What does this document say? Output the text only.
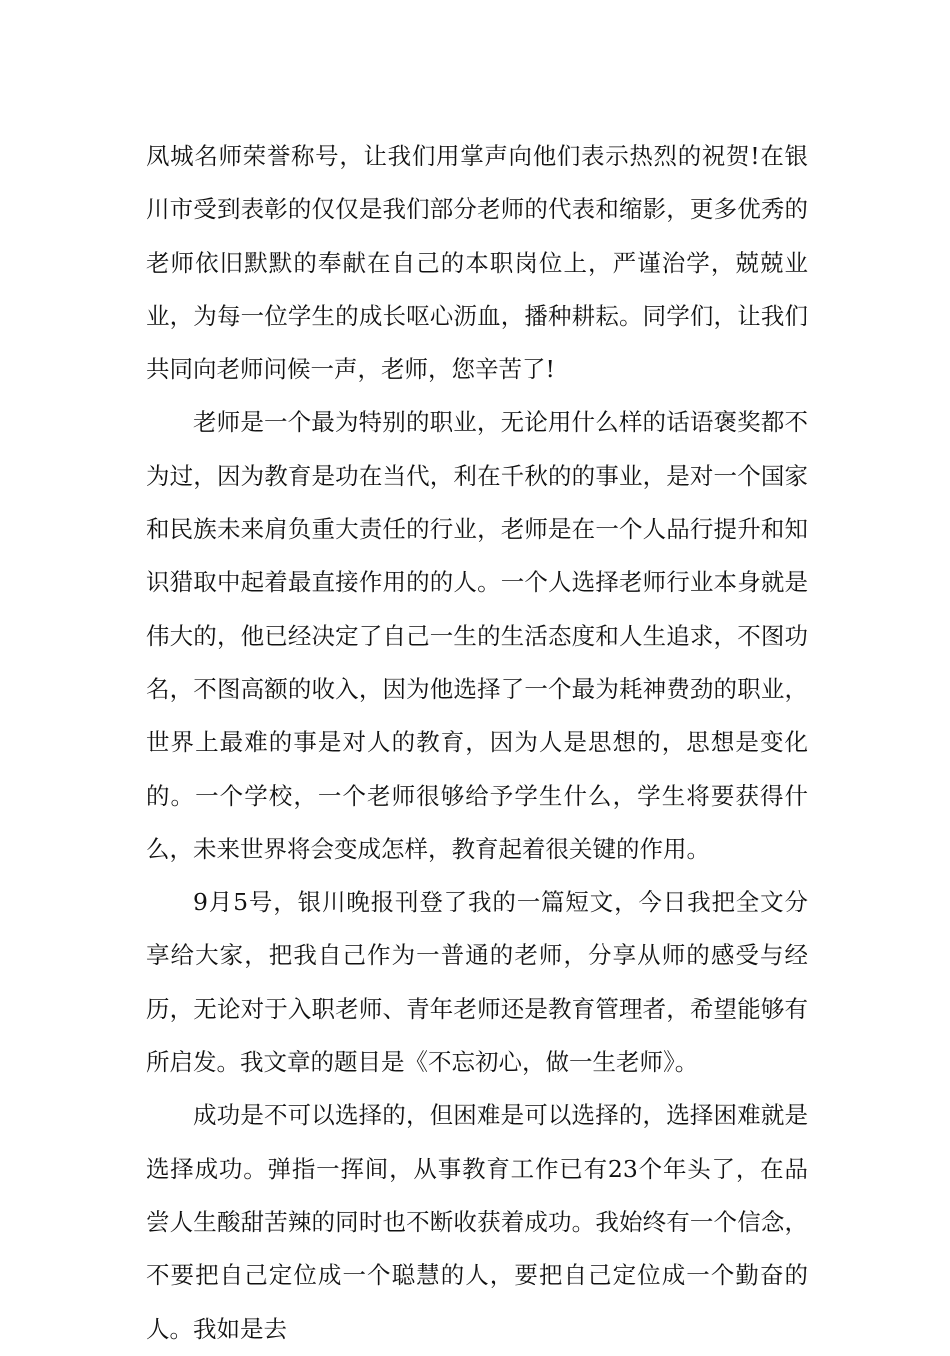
凤城名师荣誉称号，让我们用掌声向他们表示热烈的祝贺!在银川市受到表彰的仅仅是我们部分老师的代表和缩影，更多优秀的老师依旧默默的奉献在自己的本职岗位上，严谨治学，兢兢业业，为每一位学生的成长呕心沥血，播种耕耘。同学们，让我们共同向老师问候一声，老师，您辛苦了!

老师是一个最为特别的职业，无论用什么样的话语褒奖都不为过，因为教育是功在当代，利在千秋的的事业，是对一个国家和民族未来肩负重大责任的行业，老师是在一个人品行提升和知识猎取中起着最直接作用的的人。一个人选择老师行业本身就是伟大的，他已经决定了自己一生的生活态度和人生追求，不图功名，不图高额的收入，因为他选择了一个最为耗神费劲的职业，世界上最难的事是对人的教育，因为人是思想的，思想是变化的。一个学校，一个老师很够给予学生什么，学生将要获得什么，未来世界将会变成怎样，教育起着很关键的作用。

9月5号，银川晚报刊登了我的一篇短文，今日我把全文分享给大家，把我自己作为一普通的老师，分享从师的感受与经历，无论对于入职老师、青年老师还是教育管理者，希望能够有所启发。我文章的题目是《不忘初心，做一生老师》。

成功是不可以选择的，但困难是可以选择的，选择困难就是选择成功。弹指一挥间，从事教育工作已有23个年头了，在品尝人生酸甜苦辣的同时也不断收获着成功。我始终有一个信念，不要把自己定位成一个聪慧的人，要把自己定位成一个勤奋的人。我如是去
